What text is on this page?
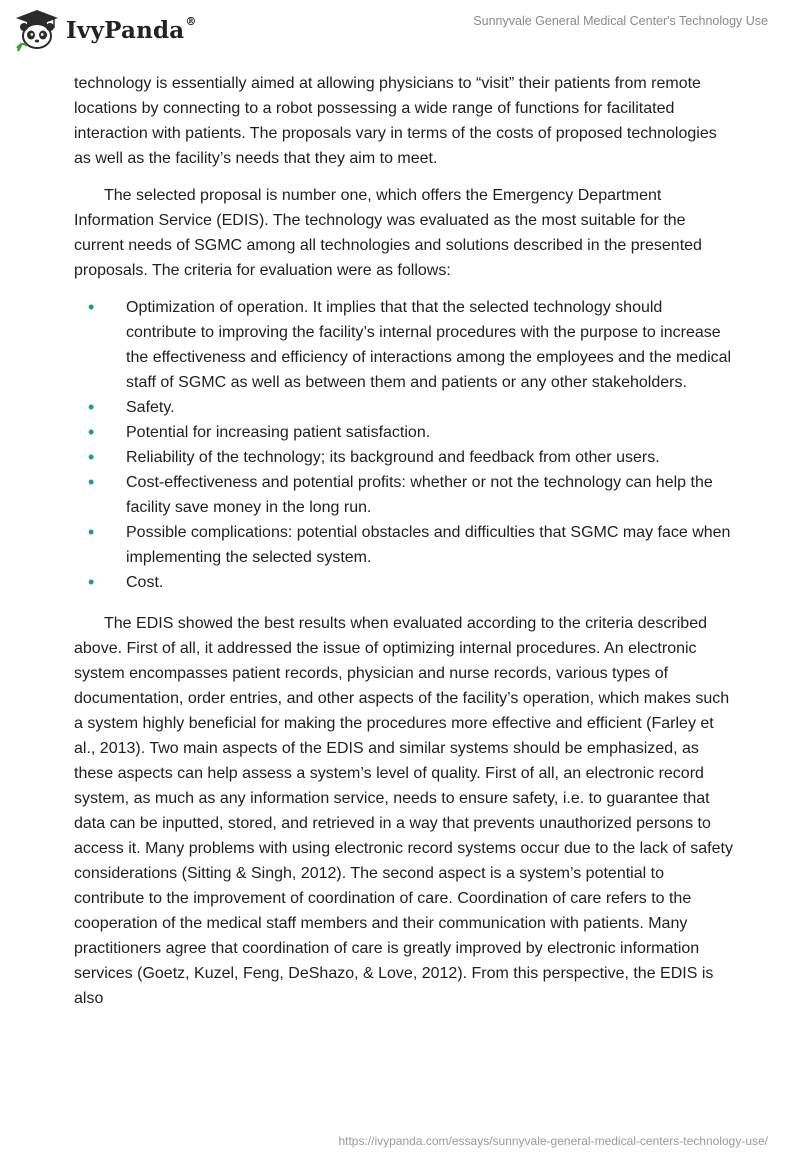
IvyPanda®	Sunnyvale General Medical Center's Technology Use

technology is essentially aimed at allowing physicians to “visit” their patients from remote locations by connecting to a robot possessing a wide range of functions for facilitated interaction with patients. The proposals vary in terms of the costs of proposed technologies as well as the facility’s needs that they aim to meet.

The selected proposal is number one, which offers the Emergency Department Information Service (EDIS). The technology was evaluated as the most suitable for the current needs of SGMC among all technologies and solutions described in the presented proposals. The criteria for evaluation were as follows:

• Optimization of operation. It implies that that the selected technology should contribute to improving the facility’s internal procedures with the purpose to increase the effectiveness and efficiency of interactions among the employees and the medical staff of SGMC as well as between them and patients or any other stakeholders.
• Safety.
• Potential for increasing patient satisfaction.
• Reliability of the technology; its background and feedback from other users.
• Cost-effectiveness and potential profits: whether or not the technology can help the facility save money in the long run.
• Possible complications: potential obstacles and difficulties that SGMC may face when implementing the selected system.
• Cost.

The EDIS showed the best results when evaluated according to the criteria described above. First of all, it addressed the issue of optimizing internal procedures. An electronic system encompasses patient records, physician and nurse records, various types of documentation, order entries, and other aspects of the facility’s operation, which makes such a system highly beneficial for making the procedures more effective and efficient (Farley et al., 2013). Two main aspects of the EDIS and similar systems should be emphasized, as these aspects can help assess a system’s level of quality. First of all, an electronic record system, as much as any information service, needs to ensure safety, i.e. to guarantee that data can be inputted, stored, and retrieved in a way that prevents unauthorized persons to access it. Many problems with using electronic record systems occur due to the lack of safety considerations (Sitting & Singh, 2012). The second aspect is a system’s potential to contribute to the improvement of coordination of care. Coordination of care refers to the cooperation of the medical staff members and their communication with patients. Many practitioners agree that coordination of care is greatly improved by electronic information services (Goetz, Kuzel, Feng, DeShazo, & Love, 2012). From this perspective, the EDIS is also

https://ivypanda.com/essays/sunnyvale-general-medical-centers-technology-use/
